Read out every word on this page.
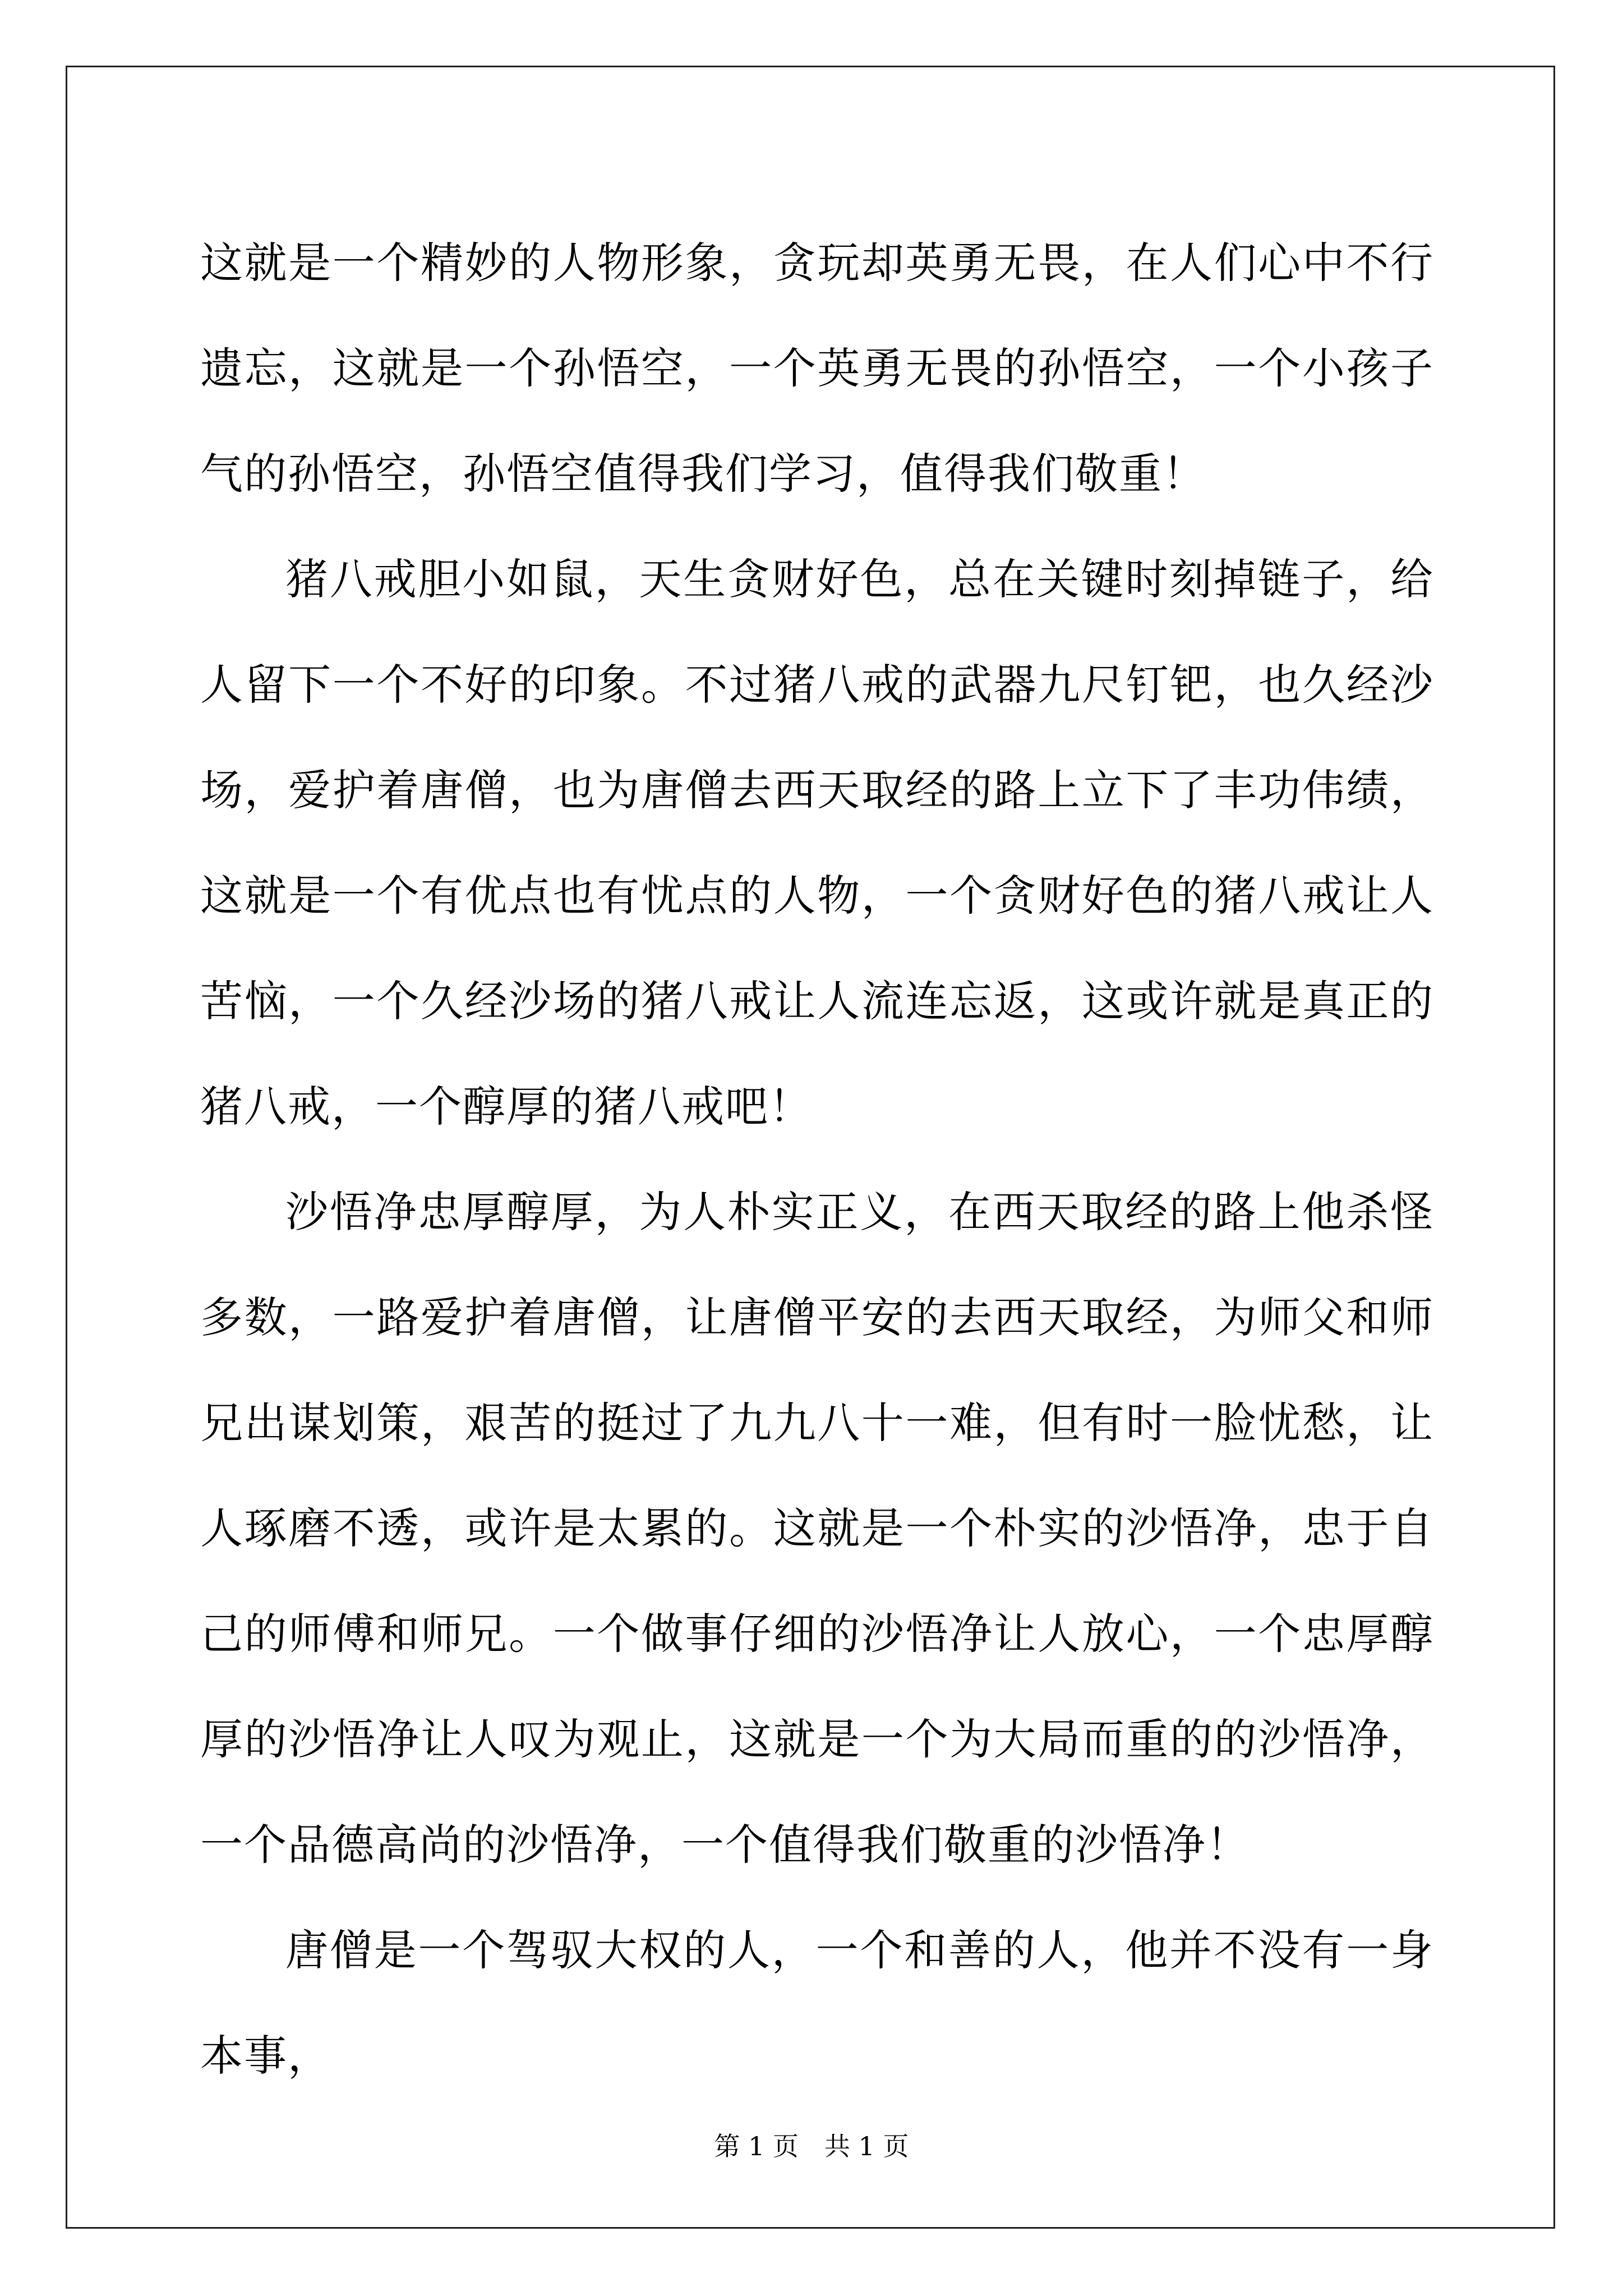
这就是一个精妙的人物形象，贪玩却英勇无畏，在人们心中不行遗忘，这就是一个孙悟空，一个英勇无畏的孙悟空，一个小孩子气的孙悟空，孙悟空值得我们学习，值得我们敬重！

猪八戒胆小如鼠，天生贪财好色，总在关键时刻掉链子，给人留下一个不好的印象。不过猪八戒的武器九尺钉钯，也久经沙场，爱护着唐僧，也为唐僧去西天取经的路上立下了丰功伟绩，这就是一个有优点也有忧点的人物，一个贪财好色的猪八戒让人苦恼，一个久经沙场的猪八戒让人流连忘返，这或许就是真正的猪八戒，一个醇厚的猪八戒吧！

沙悟净忠厚醇厚，为人朴实正义，在西天取经的路上他杀怪多数，一路爱护着唐僧，让唐僧平安的去西天取经，为师父和师兄出谋划策，艰苦的挺过了九九八十一难，但有时一脸忧愁，让人琢磨不透，或许是太累的。这就是一个朴实的沙悟净，忠于自己的师傅和师兄。一个做事仔细的沙悟净让人放心，一个忠厚醇厚的沙悟净让人叹为观止，这就是一个为大局而重的的沙悟净，一个品德高尚的沙悟净，一个值得我们敬重的沙悟净！

唐僧是一个驾驭大权的人，一个和善的人，他并不没有一身本事，

第 1 页 共 1 页
